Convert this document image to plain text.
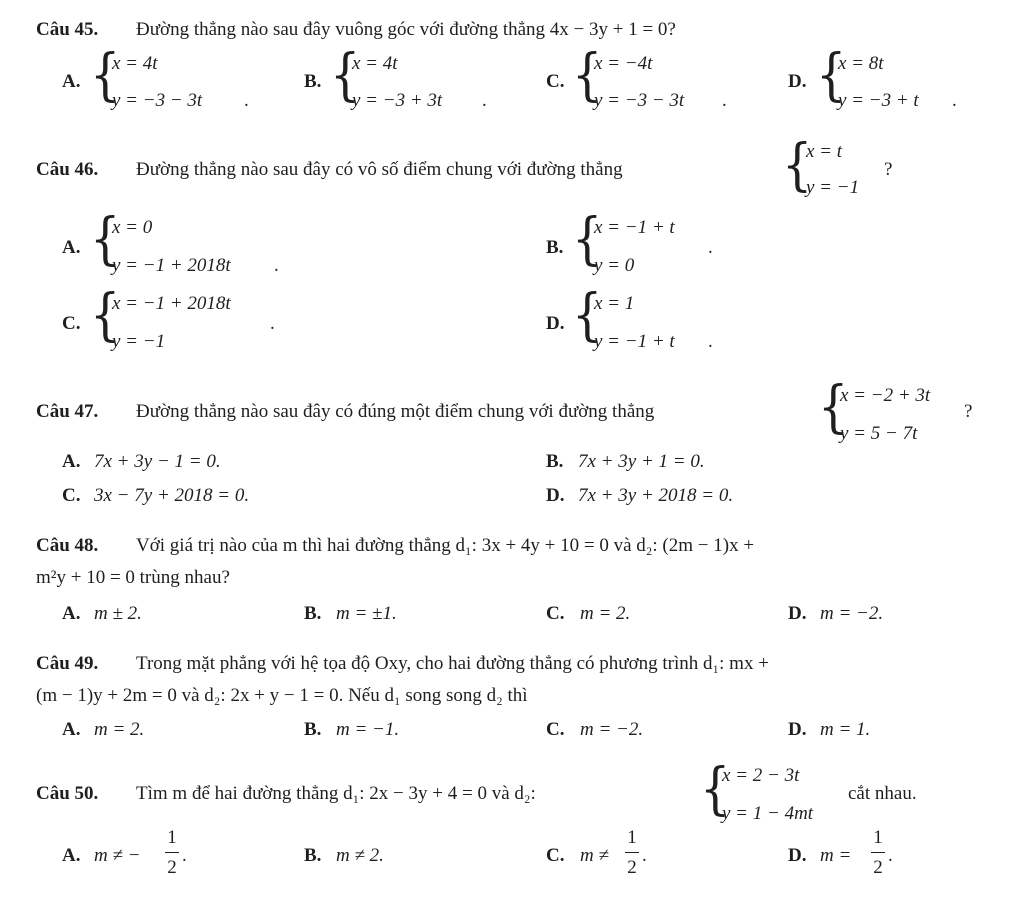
Câu 45. Đường thẳng nào sau đây vuông góc với đường thẳng 4x − 3y + 1 = 0?
A. {
x = 4t
y = −3 − 3t .
B. {
x = 4t
y = −3 + 3t .
C. {
x = −4t
y = −3 − 3t .
D. {
x = 8t
y = −3 + t .
Câu 46. Đường thẳng nào sau đây có vô số điểm chung với đường thẳng	{
x = t
y = −1
?
A. {
x = 0
y = −1 + 2018t .
B. {
x = −1 + t
y = 0
.
C. {
x = −1 + 2018t
y = −1
.	D. {
x = 1
y = −1 + t .
Câu 47. Đường thẳng nào sau đây có đúng một điểm chung với đường thẳng	{
x = −2 + 3t
y = 5 − 7t
?
A. 7x + 3y − 1 = 0.	B. 7x + 3y + 1 = 0.
C. 3x − 7y + 2018 = 0.	D. 7x + 3y + 2018 = 0.
Câu 48. Với giá trị nào của m thì hai đường thẳng d₁: 3x + 4y + 10 = 0 và d₂: (2m − 1)x +
m²y + 10 = 0 trùng nhau?
A. m ± 2.	B. m = ±1.	C. m = 2.	D. m = −2.
Câu 49. Trong mặt phẳng với hệ tọa độ Oxy, cho hai đường thẳng có phương trình d₁: mx +
(m − 1)y + 2m = 0 và d₂: 2x + y − 1 = 0. Nếu d₁ song song d₂ thì
A. m = 2.	B. m = −1.	C. m = −2.	D. m = 1.
Câu 50. Tìm m để hai đường thẳng d₁: 2x − 3y + 4 = 0 và d₂:	{
x = 2 − 3t
y = 1 − 4mt
cắt nhau.
A. m ≠ −
1
2
.	B. m ≠ 2.	C. m ≠
1
2
.	D. m =
1
2
.
